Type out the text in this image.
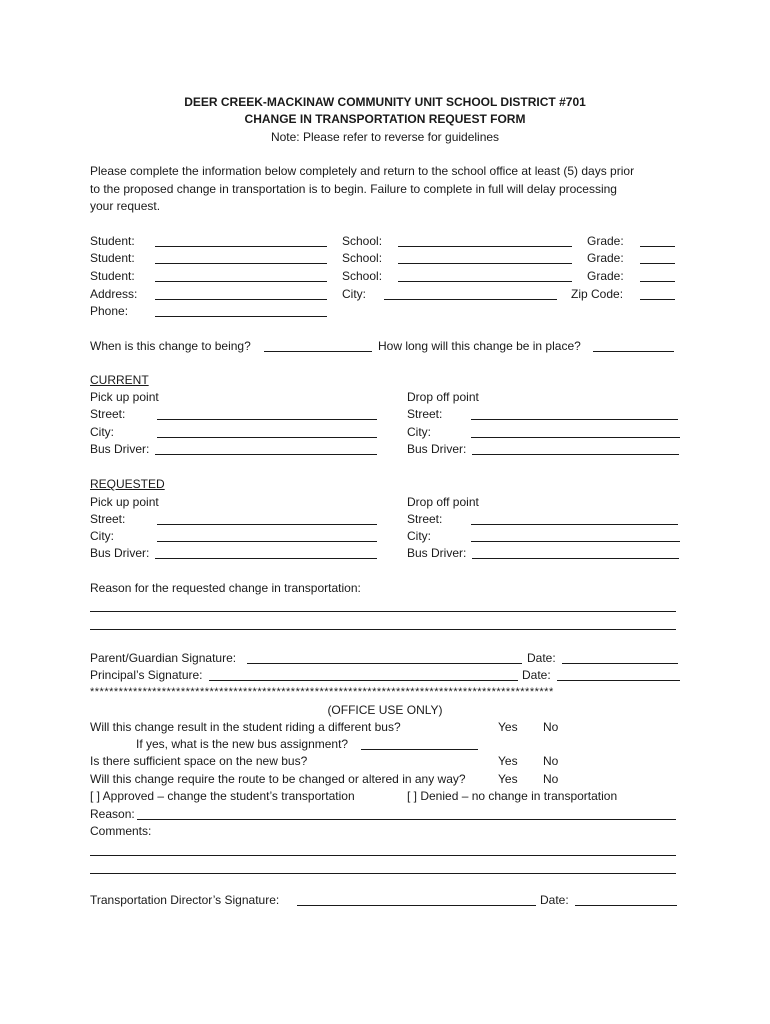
DEER CREEK-MACKINAW COMMUNITY UNIT SCHOOL DISTRICT #701
CHANGE IN TRANSPORTATION REQUEST FORM
Note: Please refer to reverse for guidelines
Please complete the information below completely and return to the school office at least (5) days prior
to the proposed change in transportation is to begin. Failure to complete in full will delay processing
your request.
Student:	School:	Grade:
Student:	School:	Grade:
Student:	School:	Grade:
Address:	City:	Zip Code:
Phone:
When is this change to being?	How long will this change be in place?
CURRENT
Pick up point	Drop off point
Street:	Street:
City:	City:
Bus Driver:	Bus Driver:
REQUESTED
Pick up point	Drop off point
Street:	Street:
City:	City:
Bus Driver:	Bus Driver:
Reason for the requested change in transportation:
Parent/Guardian Signature:	Date:
Principal’s Signature:	Date:
*************************************************************************************************
(OFFICE USE ONLY)
Will this change result in the student riding a different bus?	Yes No
If yes, what is the new bus assignment?
Is there sufficient space on the new bus?	Yes No
Will this change require the route to be changed or altered in any way?	Yes No
[ ] Approved – change the student’s transportation	[ ] Denied – no change in transportation
Reason:
Comments:
Transportation Director’s Signature:	Date:
